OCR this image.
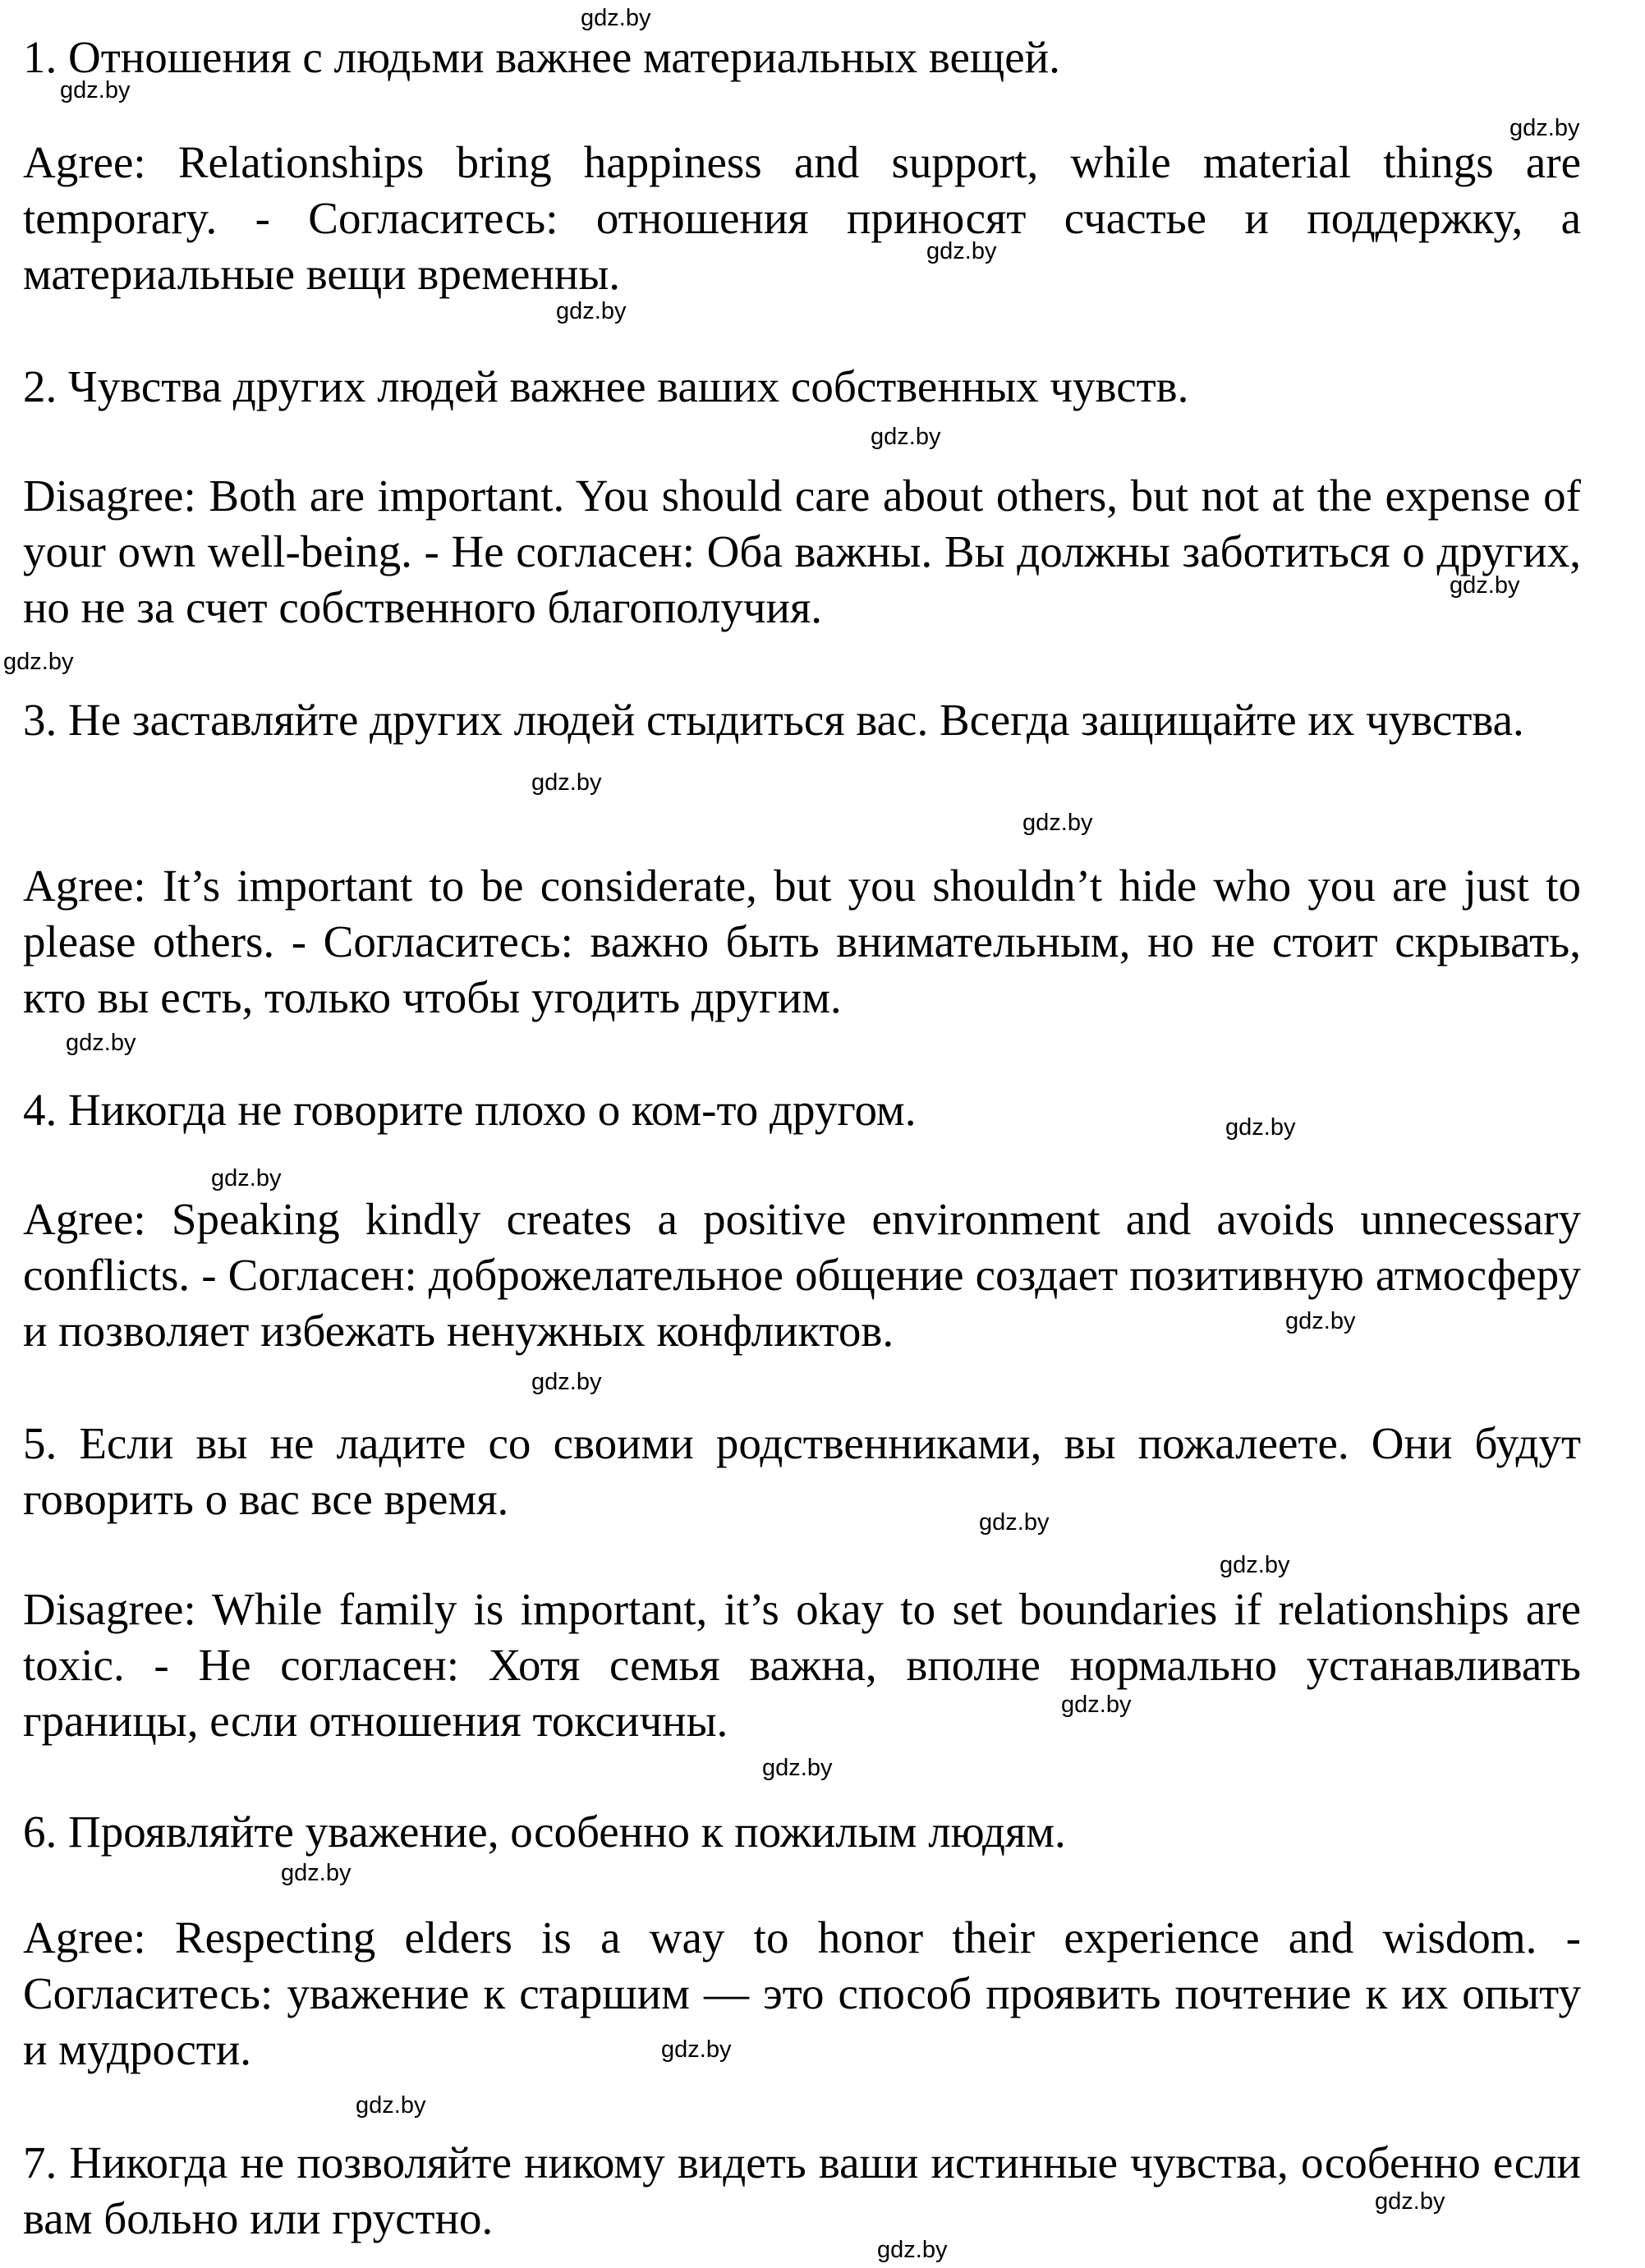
1. Отношения с людьми важнее материальных вещей.

Agree: Relationships bring happiness and support, while material things are temporary. - Согласитесь: отношения приносят счастье и поддержку, а материальные вещи временны.

2. Чувства других людей важнее ваших собственных чувств.

Disagree: Both are important. You should care about others, but not at the expense of your own well-being. - Не согласен: Оба важны. Вы должны заботиться о других, но не за счет собственного благополучия.

3. Не заставляйте других людей стыдиться вас. Всегда защищайте их чувства.

Agree: It’s important to be considerate, but you shouldn’t hide who you are just to please others. - Согласитесь: важно быть внимательным, но не стоит скрывать, кто вы есть, только чтобы угодить другим.

4. Никогда не говорите плохо о ком-то другом.

Agree: Speaking kindly creates a positive environment and avoids unnecessary conflicts. - Согласен: доброжелательное общение создает позитивную атмосферу и позволяет избежать ненужных конфликтов.

5. Если вы не ладите со своими родственниками, вы пожалеете. Они будут говорить о вас все время.

Disagree: While family is important, it’s okay to set boundaries if relationships are toxic. - Не согласен: Хотя семья важна, вполне нормально устанавливать границы, если отношения токсичны.

6. Проявляйте уважение, особенно к пожилым людям.

Agree: Respecting elders is a way to honor their experience and wisdom. - Согласитесь: уважение к старшим — это способ проявить почтение к их опыту и мудрости.

7. Никогда не позволяйте никому видеть ваши истинные чувства, особенно если вам больно или грустно.

gdz.by
gdz.by
gdz.by
gdz.by
gdz.by
gdz.by
gdz.by
gdz.by
gdz.by
gdz.by
gdz.by
gdz.by
gdz.by
gdz.by
gdz.by
gdz.by
gdz.by
gdz.by
gdz.by
gdz.by
gdz.by
gdz.by
gdz.by
gdz.by
